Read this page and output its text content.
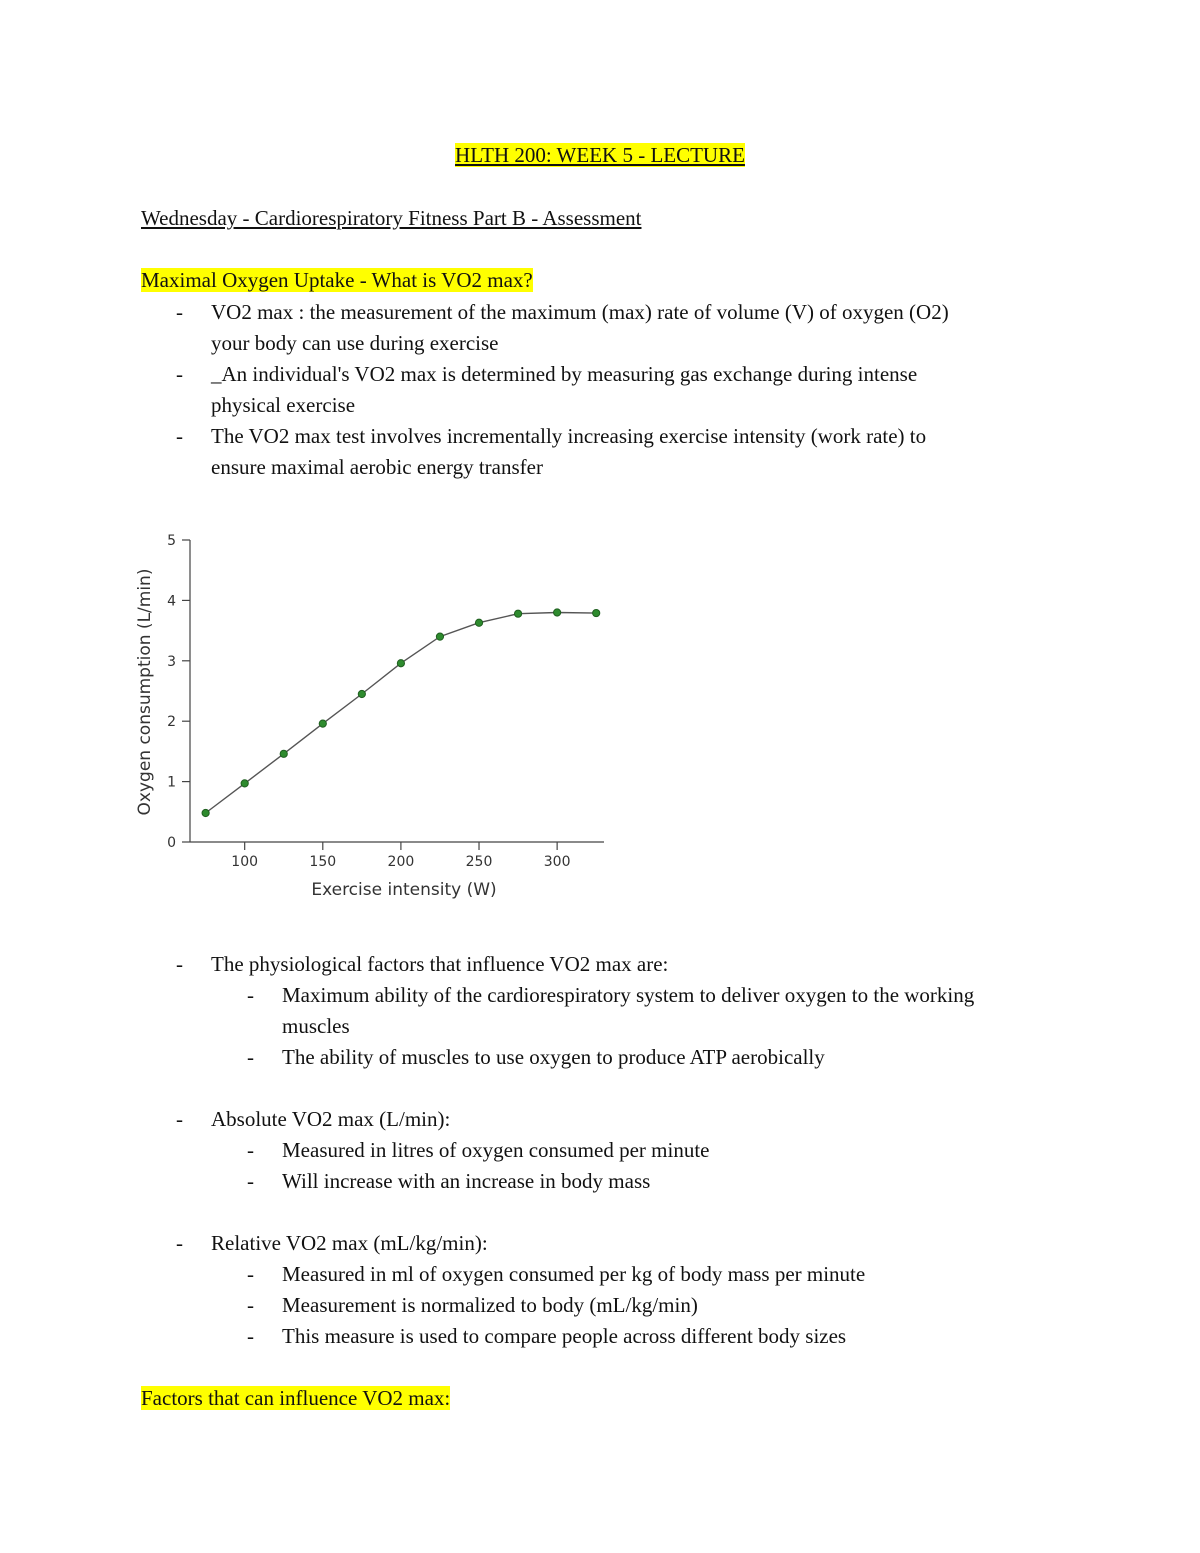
HLTH 200: WEEK 5 - LECTURE
Wednesday - Cardiorespiratory Fitness Part B - Assessment
Maximal Oxygen Uptake - What is VO2 max?
- VO2 max : the measurement of the maximum (max) rate of volume (V) of oxygen (O2)
your body can use during exercise
- _An individual's VO2 max is determined by measuring gas exchange during intense
physical exercise
- The VO2 max test involves incrementally increasing exercise intensity (work rate) to
ensure maximal aerobic energy transfer
0
1
2
3
4
5
100	150	200	250	300
Exercise intensity (W)
Oxygen consumption (L/min)
- The physiological factors that influence VO2 max are:
- Maximum ability of the cardiorespiratory system to deliver oxygen to the working
muscles
- The ability of muscles to use oxygen to produce ATP aerobically
- Absolute VO2 max (L/min):
- Measured in litres of oxygen consumed per minute
- Will increase with an increase in body mass
- Relative VO2 max (mL/kg/min):
- Measured in ml of oxygen consumed per kg of body mass per minute
- Measurement is normalized to body (mL/kg/min)
- This measure is used to compare people across different body sizes
Factors that can influence VO2 max:
